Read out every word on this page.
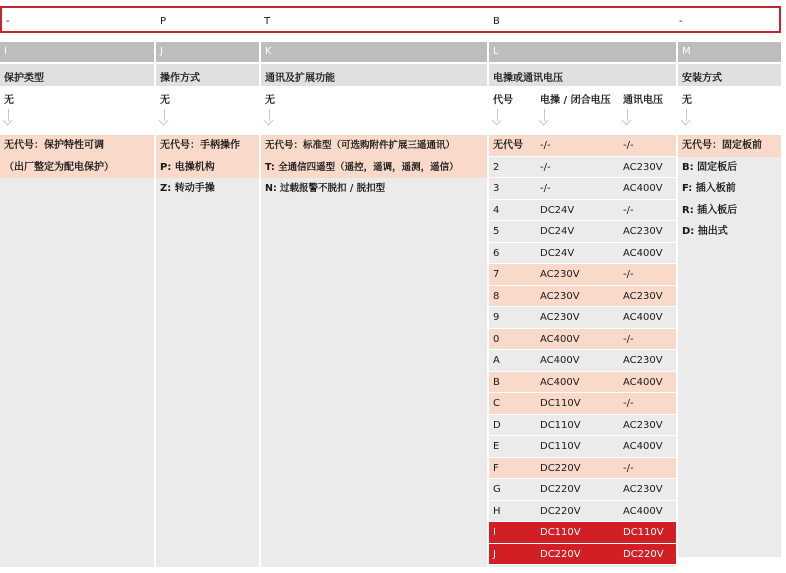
-	P	T	B	-
I
保护类型
无
无代号：保护特性可调
（出厂整定为配电保护）
J
操作方式
无
无代号：手柄操作
P: 电操机构
Z: 转动手操
K
通讯及扩展功能
无
无代号：标准型（可选购附件扩展三遥通讯）
T: 全通信四遥型（遥控，遥调，遥测，遥信）
N: 过载报警不脱扣 / 脱扣型
L
电操或通讯电压
代号	电操 / 闭合电压 通讯电压
无代号 -/-	-/-
2	-/-	AC230V
3	-/-	AC400V
4	DC24V	-/-
5	DC24V	AC230V
6	DC24V	AC400V
7	AC230V	-/-
8	AC230V	AC230V
9	AC230V	AC400V
0	AC400V	-/-
A	AC400V	AC230V
B	AC400V	AC400V
C	DC110V	-/-
D	DC110V	AC230V
E	DC110V	AC400V
F	DC220V	-/-
G	DC220V	AC230V
H	DC220V	AC400V
I	DC110V	DC110V
J	DC220V	DC220V
M
安装方式
无
无代号：固定板前
B: 固定板后
F: 插入板前
R: 插入板后
D: 抽出式
